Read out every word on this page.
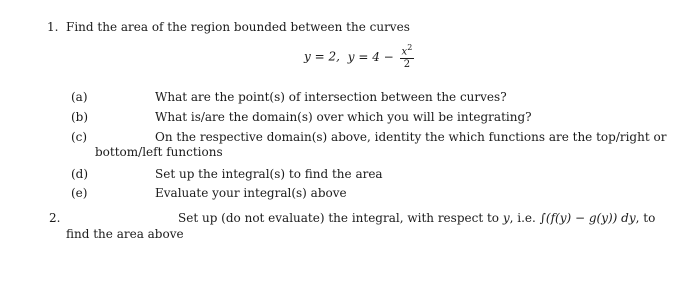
1. Find the area of the region bounded between the curves
y = 2, $y = 4 - \frac{x^2}{2}$
(a)	What are the point(s) of intersection between the curves?
(b)	What is/are the domain(s) over which you will be integrating?
(c)	On the respective domain(s) above, identity the which functions are the top/right or
bottom/left functions
(d)	Set up the integral(s) to find the area
(e)	Evaluate your integral(s) above
2.	Set up (do not evaluate) the integral, with respect to y, i.e. ∫(f(y) − g(y)) dy, to
find the area above
